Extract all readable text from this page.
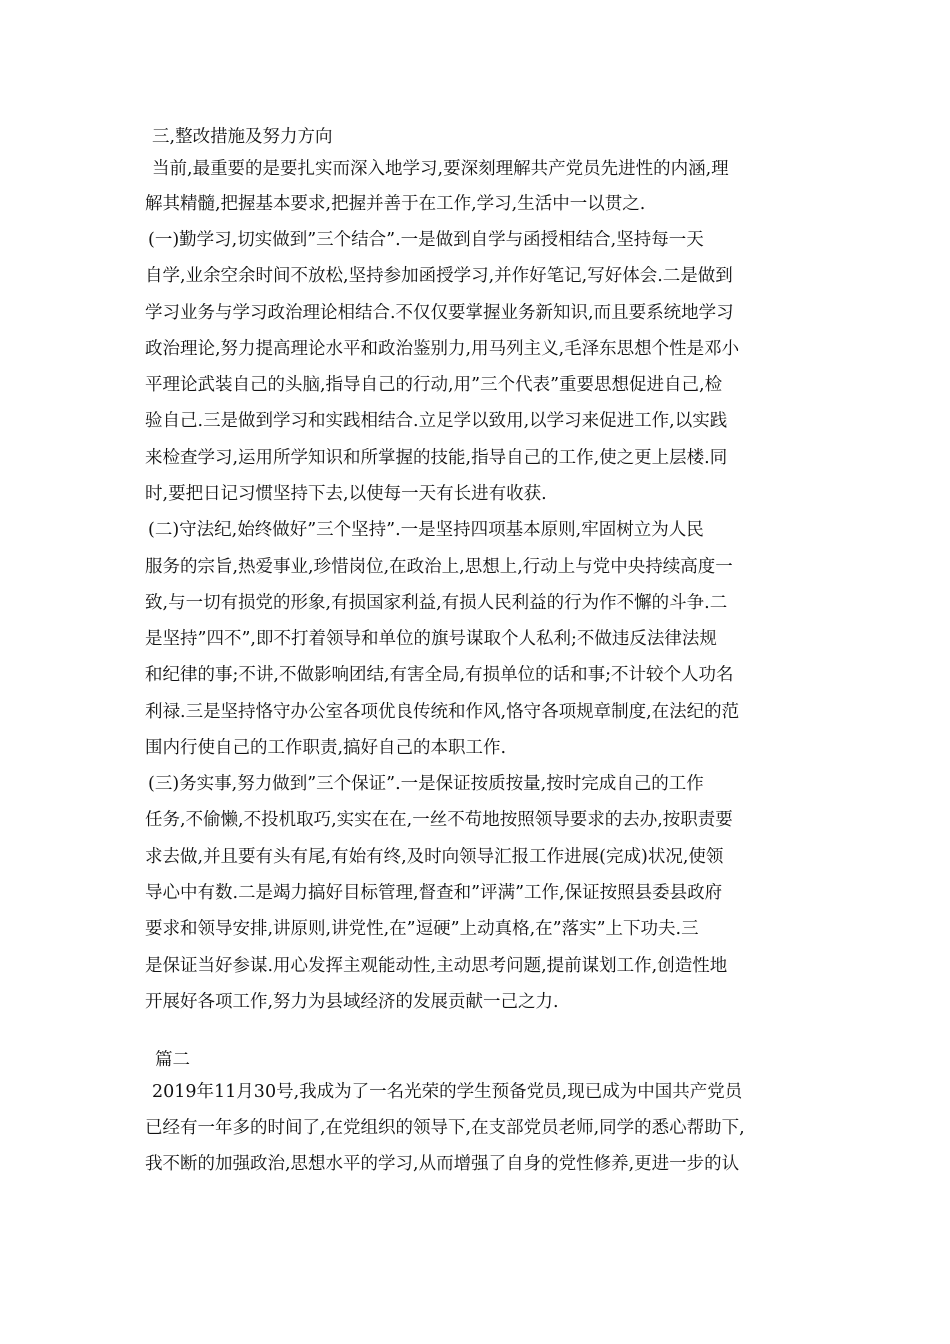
三,整改措施及努力方向
当前,最重要的是要扎实而深入地学习,要深刻理解共产党员先进性的内涵,理
解其精髓,把握基本要求,把握并善于在工作,学习,生活中一以贯之.
(一)勤学习,切实做到”三个结合”.一是做到自学与函授相结合,坚持每一天
自学,业余空余时间不放松,坚持参加函授学习,并作好笔记,写好体会.二是做到
学习业务与学习政治理论相结合.不仅仅要掌握业务新知识,而且要系统地学习
政治理论,努力提高理论水平和政治鉴别力,用马列主义,毛泽东思想个性是邓小
平理论武装自己的头脑,指导自己的行动,用”三个代表”重要思想促进自己,检
验自己.三是做到学习和实践相结合.立足学以致用,以学习来促进工作,以实践
来检查学习,运用所学知识和所掌握的技能,指导自己的工作,使之更上层楼.同
时,要把日记习惯坚持下去,以使每一天有长进有收获.
(二)守法纪,始终做好”三个坚持”.一是坚持四项基本原则,牢固树立为人民
服务的宗旨,热爱事业,珍惜岗位,在政治上,思想上,行动上与党中央持续高度一
致,与一切有损党的形象,有损国家利益,有损人民利益的行为作不懈的斗争.二
是坚持”四不”,即不打着领导和单位的旗号谋取个人私利;不做违反法律法规
和纪律的事;不讲,不做影响团结,有害全局,有损单位的话和事;不计较个人功名
利禄.三是坚持恪守办公室各项优良传统和作风,恪守各项规章制度,在法纪的范
围内行使自己的工作职责,搞好自己的本职工作.
(三)务实事,努力做到”三个保证”.一是保证按质按量,按时完成自己的工作
任务,不偷懒,不投机取巧,实实在在,一丝不苟地按照领导要求的去办,按职责要
求去做,并且要有头有尾,有始有终,及时向领导汇报工作进展(完成)状况,使领
导心中有数.二是竭力搞好目标管理,督查和”评满”工作,保证按照县委县政府
要求和领导安排,讲原则,讲党性,在”逗硬”上动真格,在”落实”上下功夫.三
是保证当好参谋.用心发挥主观能动性,主动思考问题,提前谋划工作,创造性地
开展好各项工作,努力为县域经济的发展贡献一己之力.
篇二
2019年11月30号,我成为了一名光荣的学生预备党员,现已成为中国共产党员
已经有一年多的时间了,在党组织的领导下,在支部党员老师,同学的悉心帮助下,
我不断的加强政治,思想水平的学习,从而增强了自身的党性修养,更进一步的认
